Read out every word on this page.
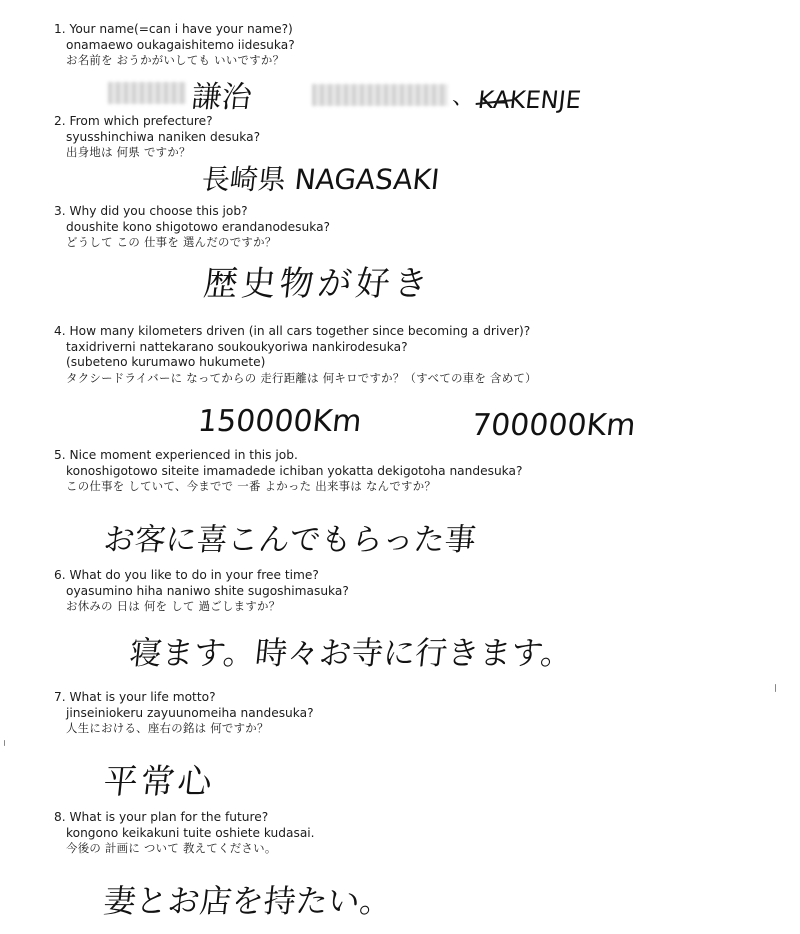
1. Your name(=can i have your name?)
onamaewo oukagaishitemo iidesuka?
お名前を おうかがいしても いいですか？
謙治	、 KAKENJE
2. From which prefecture?
syusshinchiwa naniken desuka?
出身地は 何県 ですか？
長崎県 NAGASAKI
3. Why did you choose this job?
doushite kono shigotowo erandanodesuka?
どうして この 仕事を 選んだのですか？
歴史物が好き
4. How many kilometers driven (in all cars together since becoming a driver)?
taxidriverni nattekarano soukoukyoriwa nankirodesuka?
(subeteno kurumawo hukumete)
タクシードライバーに なってからの 走行距離は 何キロですか？（すべての車を 含めて）
150000Km	700000Km
5. Nice moment experienced in this job.
konoshigotowo siteite imamadede ichiban yokatta dekigotoha nandesuka?
この仕事を していて、今までで 一番 よかった 出来事は なんですか？
お客に喜こんでもらった事
6. What do you like to do in your free time?
oyasumino hiha naniwo shite sugoshimasuka?
お休みの 日は 何を して 過ごしますか？
寝ます。時々お寺に行きます。
7. What is your life motto?
jinseiniokeru zayuunomeiha nandesuka?
人生における、座右の銘は 何ですか？
平常心
8. What is your plan for the future?
kongono keikakuni tuite oshiete kudasai.
今後の 計画に ついて 教えてください。
妻とお店を持たい。
